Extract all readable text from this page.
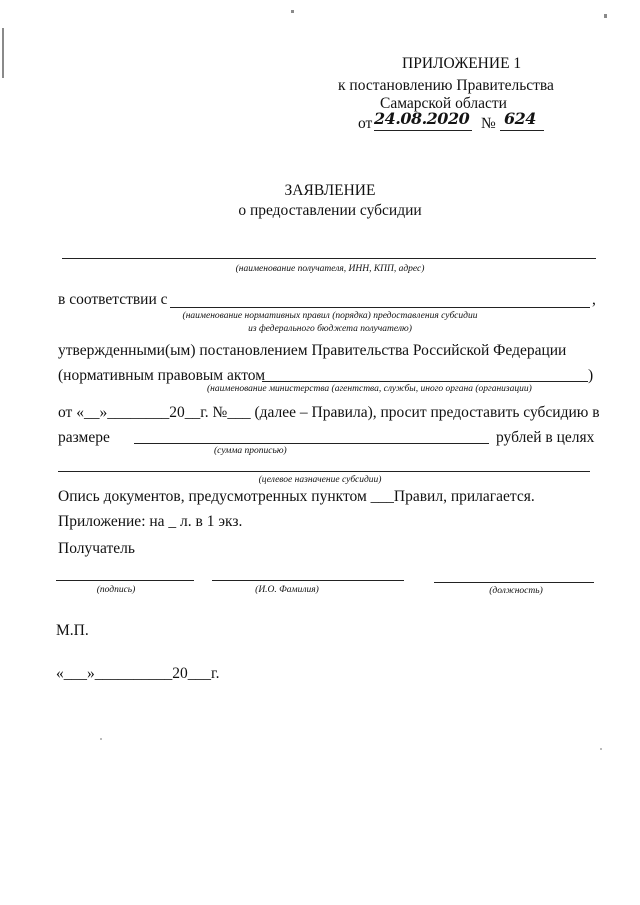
ПРИЛОЖЕНИЕ 1
к постановлению Правительства
Самарской области
от 24.08.2020 № 624
ЗАЯВЛЕНИЕ
о предоставлении субсидии
(наименование получателя, ИНН, КПП, адрес)
в соответствии с	,
(наименование нормативных правил (порядка) предоставления субсидии
из федерального бюджета получателю)
утвержденными(ым) постановлением Правительства Российской Федерации
(нормативным правовым актом	)
(наименование министерства (агентства, службы, иного органа (организации)
от «__»________20__г. №___ (далее – Правила), просит предоставить субсидию в
размере	рублей в целях
(сумма прописью)
(целевое назначение субсидии)
Опись документов, предусмотренных пунктом ___Правил, прилагается.
Приложение: на _ л. в 1 экз.
Получатель
(подпись)	(И.О. Фамилия)	(должность)
М.П.
«___»__________20___г.
